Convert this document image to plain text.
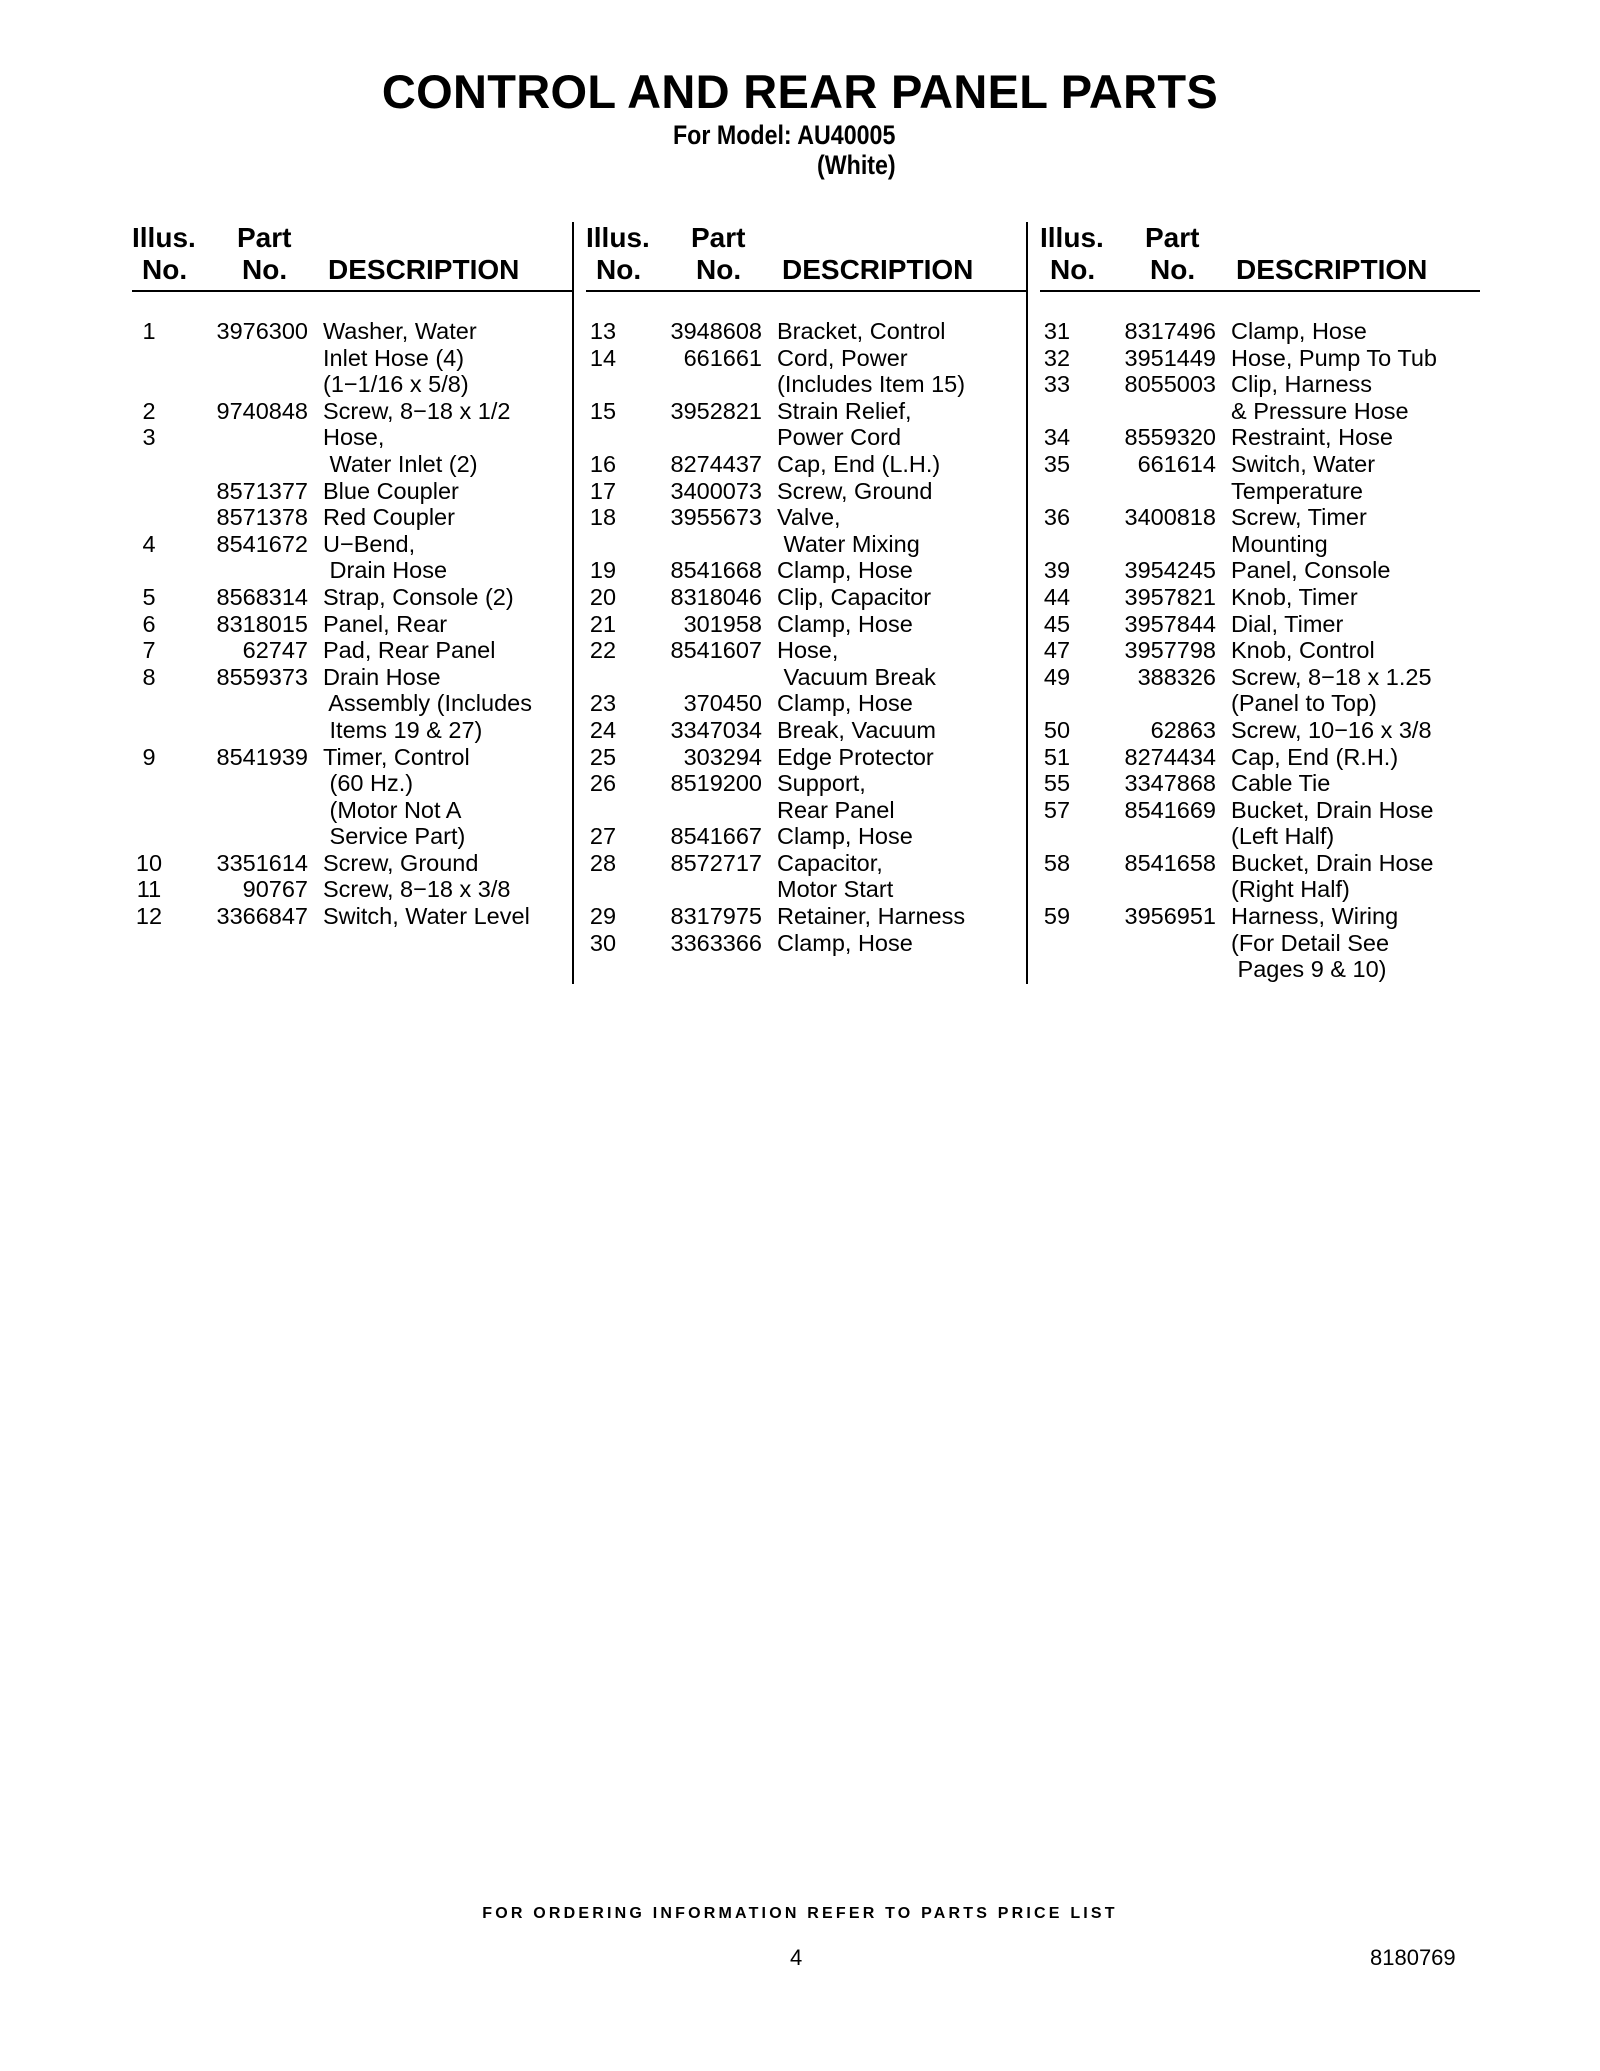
CONTROL AND REAR PANEL PARTS
For Model: AU40005
(White)
Illus.
No.
Part
No. DESCRIPTION
1	3976300 Washer, Water
Inlet Hose (4)
(1−1/16 x 5/8)
2	9740848 Screw, 8−18 x 1/2
3	Hose,
Water Inlet (2)
8571377 Blue Coupler
8571378 Red Coupler
4	8541672 U−Bend,
Drain Hose
5	8568314 Strap, Console (2)
6	8318015 Panel, Rear
7	62747 Pad, Rear Panel
8	8559373 Drain Hose
Assembly (Includes
Items 19 & 27)
9	8541939 Timer, Control
(60 Hz.)
(Motor Not A
Service Part)
10	3351614 Screw, Ground
11	90767 Screw, 8−18 x 3/8
12	3366847 Switch, Water Level
Illus.
No.
Part
No. DESCRIPTION
13	3948608 Bracket, Control
14	661661 Cord, Power
(Includes Item 15)
15	3952821 Strain Relief,
Power Cord
16	8274437 Cap, End (L.H.)
17	3400073 Screw, Ground
18	3955673 Valve,
Water Mixing
19	8541668 Clamp, Hose
20	8318046 Clip, Capacitor
21	301958 Clamp, Hose
22	8541607 Hose,
Vacuum Break
23	370450 Clamp, Hose
24	3347034 Break, Vacuum
25	303294 Edge Protector
26	8519200 Support,
Rear Panel
27	8541667 Clamp, Hose
28	8572717 Capacitor,
Motor Start
29	8317975 Retainer, Harness
30	3363366 Clamp, Hose
Illus.
No.
Part
No. DESCRIPTION
31	8317496 Clamp, Hose
32	3951449 Hose, Pump To Tub
33	8055003 Clip, Harness
& Pressure Hose
34	8559320 Restraint, Hose
35	661614 Switch, Water
Temperature
36	3400818 Screw, Timer
Mounting
39	3954245 Panel, Console
44	3957821 Knob, Timer
45	3957844 Dial, Timer
47	3957798 Knob, Control
49	388326 Screw, 8−18 x 1.25
(Panel to Top)
50	62863 Screw, 10−16 x 3/8
51	8274434 Cap, End (R.H.)
55	3347868 Cable Tie
57	8541669 Bucket, Drain Hose
(Left Half)
58	8541658 Bucket, Drain Hose
(Right Half)
59	3956951 Harness, Wiring
(For Detail See
Pages 9 & 10)
FOR ORDERING INFORMATION REFER TO PARTS PRICE LIST
4	8180769
